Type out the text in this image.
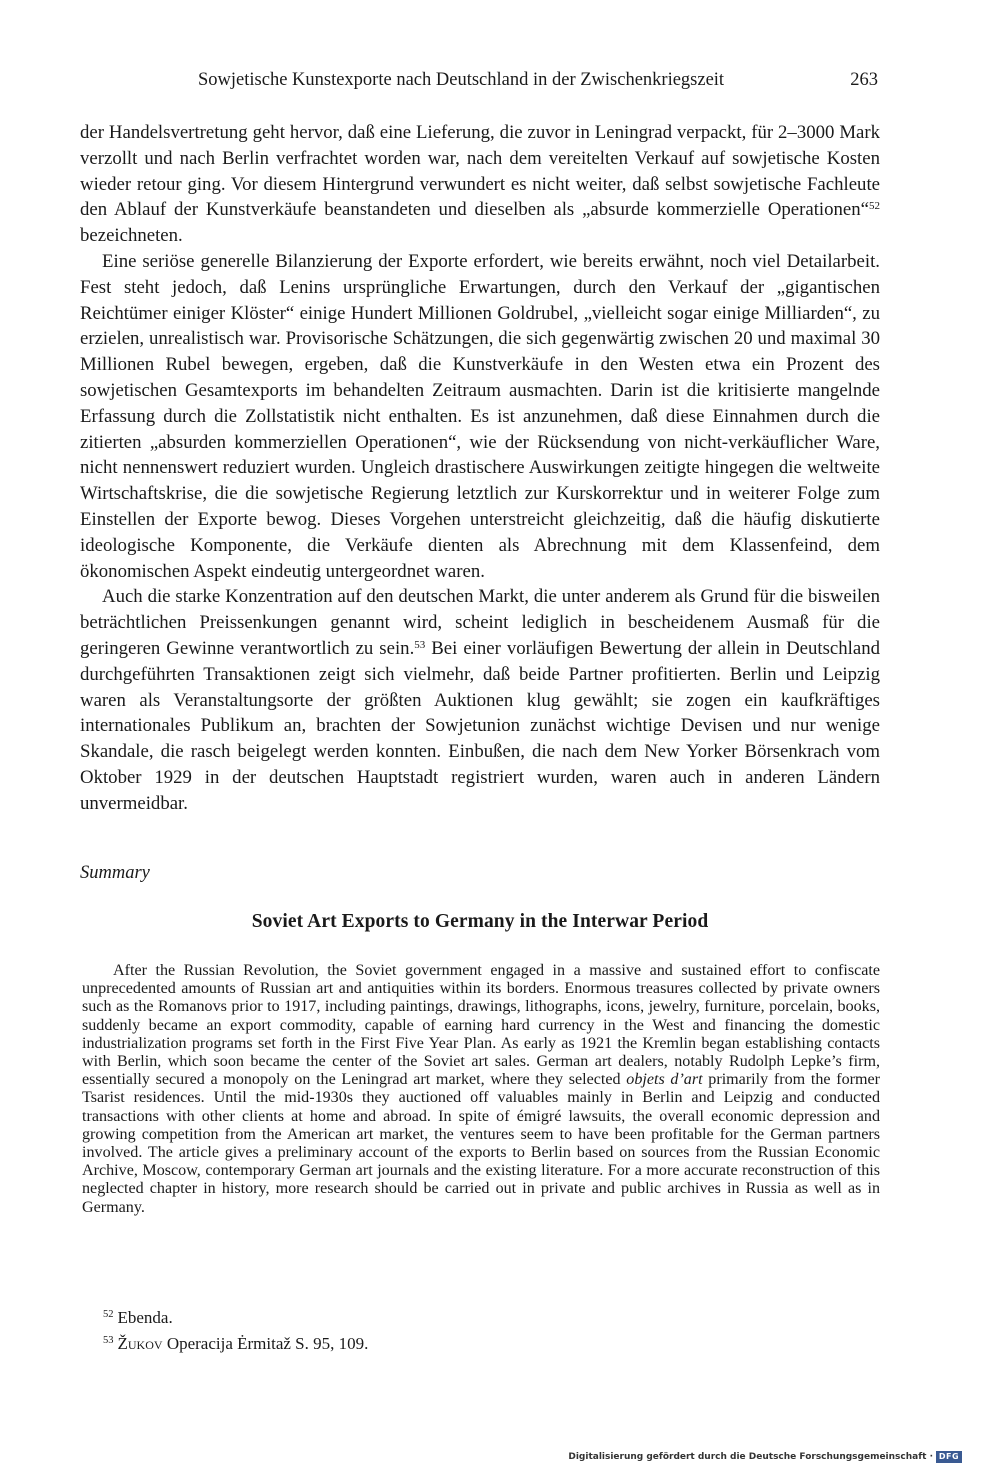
Sowjetische Kunstexporte nach Deutschland in der Zwischenkriegszeit	263

der Handelsvertretung geht hervor, daß eine Lieferung, die zuvor in Leningrad verpackt, für 2–3000 Mark verzollt und nach Berlin verfrachtet worden war, nach dem vereitelten Verkauf auf sowjetische Kosten wieder retour ging. Vor diesem Hintergrund verwundert es nicht weiter, daß selbst sowjetische Fachleute den Ablauf der Kunstverkäufe beanstandeten und dieselben als „absurde kommerzielle Operationen“$^{52}$ bezeichneten.

Eine seriöse generelle Bilanzierung der Exporte erfordert, wie bereits erwähnt, noch viel Detailarbeit. Fest steht jedoch, daß Lenins ursprüngliche Erwartungen, durch den Verkauf der „gigantischen Reichtümer einiger Klöster“ einige Hundert Millionen Goldrubel, „vielleicht sogar einige Milliarden“, zu erzielen, unrealistisch war. Provisorische Schätzungen, die sich gegenwärtig zwischen 20 und maximal 30 Millionen Rubel bewegen, ergeben, daß die Kunstverkäufe in den Westen etwa ein Prozent des sowjetischen Gesamtexports im behandelten Zeitraum ausmachten. Darin ist die kritisierte mangelnde Erfassung durch die Zollstatistik nicht enthalten. Es ist anzunehmen, daß diese Einnahmen durch die zitierten „absurden kommerziellen Operationen“, wie der Rücksendung von nicht-verkäuflicher Ware, nicht nennenswert reduziert wurden. Ungleich drastischere Auswirkungen zeitigte hingegen die weltweite Wirtschaftskrise, die die sowjetische Regierung letztlich zur Kurskorrektur und in weiterer Folge zum Einstellen der Exporte bewog. Dieses Vorgehen unterstreicht gleichzeitig, daß die häufig diskutierte ideologische Komponente, die Verkäufe dienten als Abrechnung mit dem Klassenfeind, dem ökonomischen Aspekt eindeutig untergeordnet waren.

Auch die starke Konzentration auf den deutschen Markt, die unter anderem als Grund für die bisweilen beträchtlichen Preissenkungen genannt wird, scheint lediglich in bescheidenem Ausmaß für die geringeren Gewinne verantwortlich zu sein.$^{53}$ Bei einer vorläufigen Bewertung der allein in Deutschland durchgeführten Transaktionen zeigt sich vielmehr, daß beide Partner profitierten. Berlin und Leipzig waren als Veranstaltungsorte der größten Auktionen klug gewählt; sie zogen ein kaufkräftiges internationales Publikum an, brachten der Sowjetunion zunächst wichtige Devisen und nur wenige Skandale, die rasch beigelegt werden konnten. Einbußen, die nach dem New Yorker Börsenkrach vom Oktober 1929 in der deutschen Hauptstadt registriert wurden, waren auch in anderen Ländern unvermeidbar.

Summary
Soviet Art Exports to Germany in the Interwar Period

After the Russian Revolution, the Soviet government engaged in a massive and sustained effort to confiscate unprecedented amounts of Russian art and antiquities within its borders. Enormous treasures collected by private owners such as the Romanovs prior to 1917, including paintings, drawings, lithographs, icons, jewelry, furniture, porcelain, books, suddenly became an export commodity, capable of earning hard currency in the West and financing the domestic industrialization programs set forth in the First Five Year Plan. As early as 1921 the Kremlin began establishing contacts with Berlin, which soon became the center of the Soviet art sales. German art dealers, notably Rudolph Lepke’s firm, essentially secured a monopoly on the Leningrad art market, where they selected objets d’art primarily from the former Tsarist residences. Until the mid-1930s they auctioned off valuables mainly in Berlin and Leipzig and conducted transactions with other clients at home and abroad. In spite of émigré lawsuits, the overall economic depression and growing competition from the American art market, the ventures seem to have been profitable for the German partners involved. The article gives a preliminary account of the exports to Berlin based on sources from the Russian Economic Archive, Moscow, contemporary German art journals and the existing literature. For a more accurate reconstruction of this neglected chapter in history, more research should be carried out in private and public archives in Russia as well as in Germany.

$^{52}$ Ebenda.
$^{53}$ Žukov Operacija Ėrmitaž S. 95, 109.
Digitalisierung gefördert durch die Deutsche Forschungsgemeinschaft · DFG
